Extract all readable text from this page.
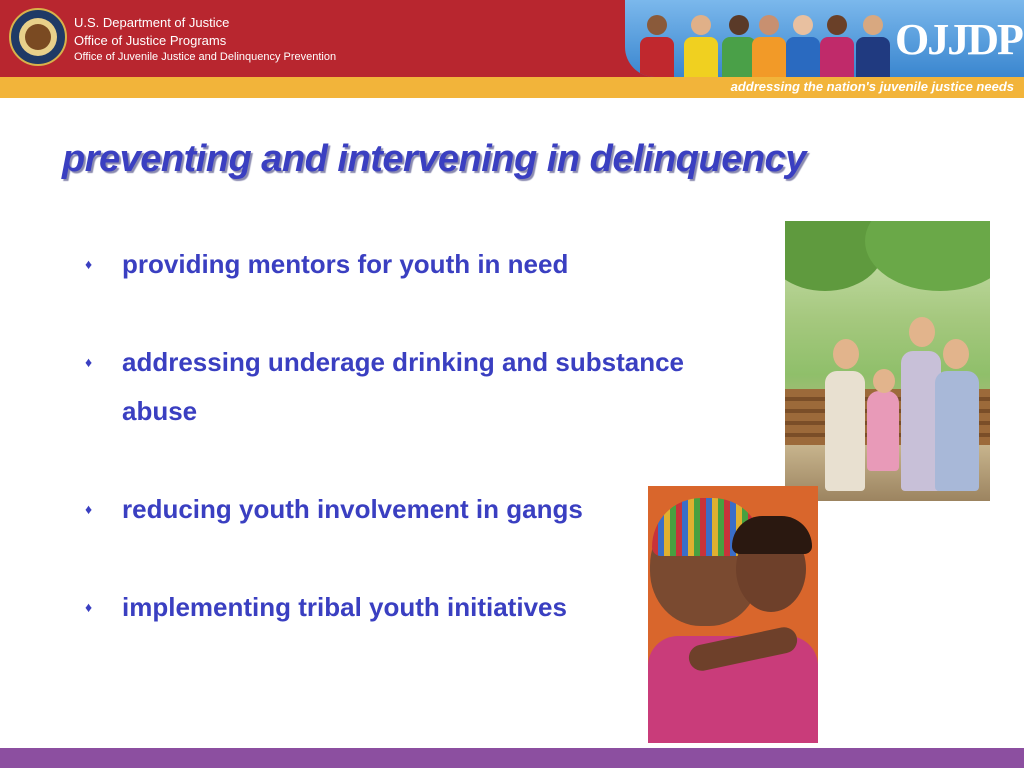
U.S. Department of Justice
Office of Justice Programs
Office of Juvenile Justice and Delinquency Prevention	OJJDP
addressing the nation's juvenile justice needs
preventing and intervening in delinquency
♦	providing mentors for youth in need
♦	addressing underage drinking and substance abuse
♦	reducing youth involvement in gangs
♦	implementing tribal youth initiatives
